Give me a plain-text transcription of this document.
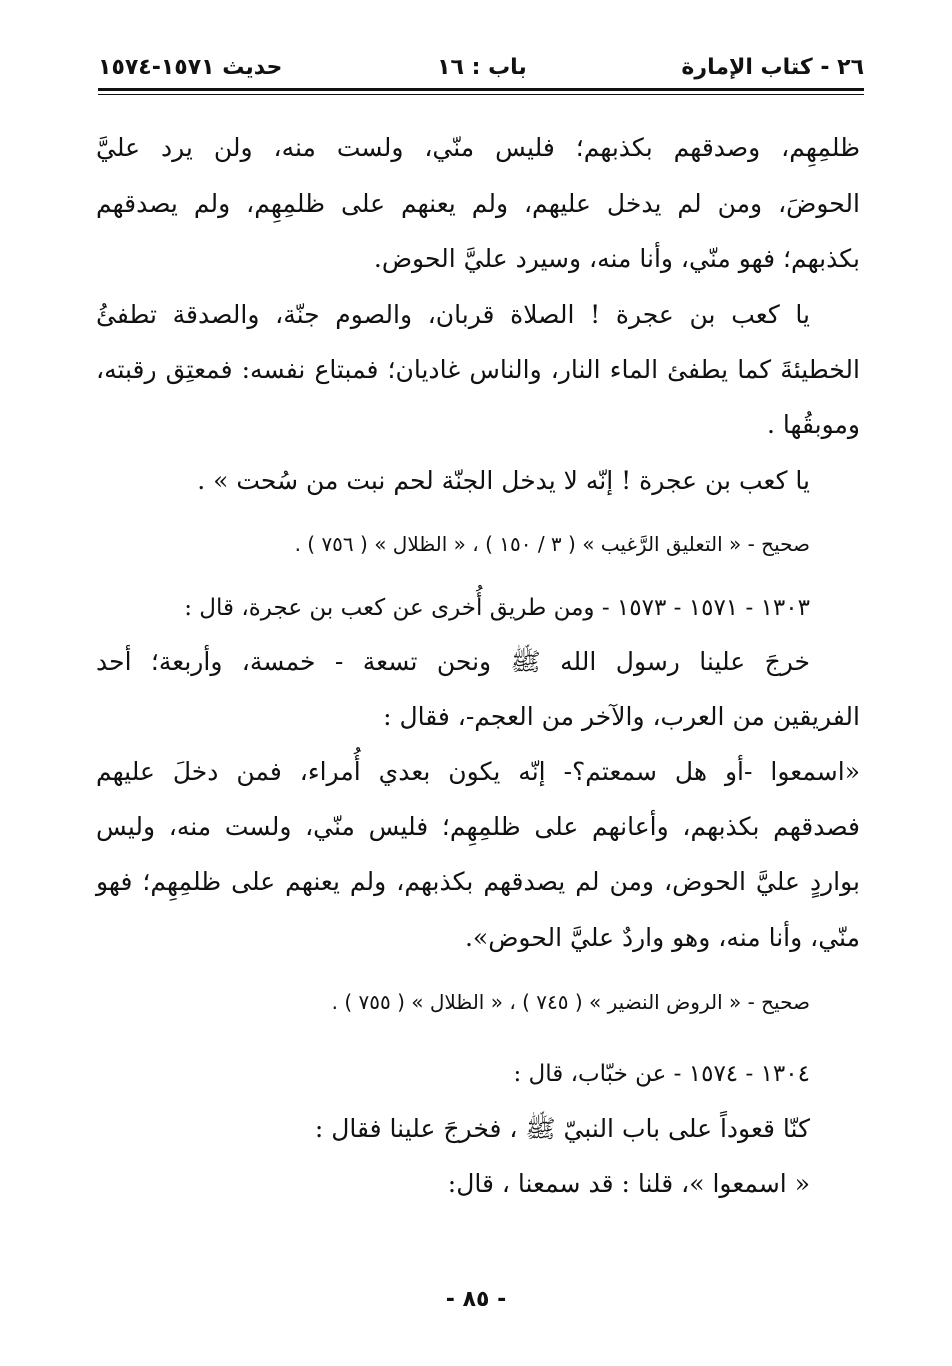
٢٦ - كتاب الإمارة
باب : ١٦
حديث ١٥٧١-١٥٧٤
ظلمِهِم، وصدقهم بكذبهم؛ فليس منّي، ولست منه، ولن يرد عليَّ
الحوضَ، ومن لم يدخل عليهم، ولم يعنهم على ظلمِهِم، ولم يصدقهم
بكذبهم؛ فهو منّي، وأنا منه، وسيرد عليَّ الحوض.
يا كعب بن عجرة ! الصلاة قربان، والصوم جنّة، والصدقة تطفئُ
الخطيئةَ كما يطفئ الماء النار، والناس غاديان؛ فمبتاع نفسه: فمعتِق رقبته،
وموبقُها .
يا كعب بن عجرة ! إنّه لا يدخل الجنّة لحم نبت من سُحت » .
صحيح - « التعليق الرَّغيب » ( ٣ / ١٥٠ ) ، « الظلال » ( ٧٥٦ ) .
١٣٠٣ - ١٥٧١ - ١٥٧٣ - ومن طريق أُخرى عن كعب بن عجرة، قال :
خرجَ علينا رسول الله ﷺ ونحن تسعة - خمسة، وأربعة؛ أحد
الفريقين من العرب، والآخر من العجم-، فقال :
«اسمعوا -أو هل سمعتم؟- إنّه يكون بعدي أُمراء، فمن دخلَ عليهم
فصدقهم بكذبهم، وأعانهم على ظلمِهِم؛ فليس منّي، ولست منه، وليس
بواردٍ عليَّ الحوض، ومن لم يصدقهم بكذبهم، ولم يعنهم على ظلمِهِم؛ فهو
منّي، وأنا منه، وهو واردٌ عليَّ الحوض».
صحيح - « الروض النضير » ( ٧٤٥ ) ، « الظلال » ( ٧٥٥ ) .
١٣٠٤ - ١٥٧٤ - عن خبّاب، قال :
كنّا قعوداً على باب النبيّ ﷺ ، فخرجَ علينا فقال :
« اسمعوا »، قلنا : قد سمعنا ، قال:
- ٨٥ -
